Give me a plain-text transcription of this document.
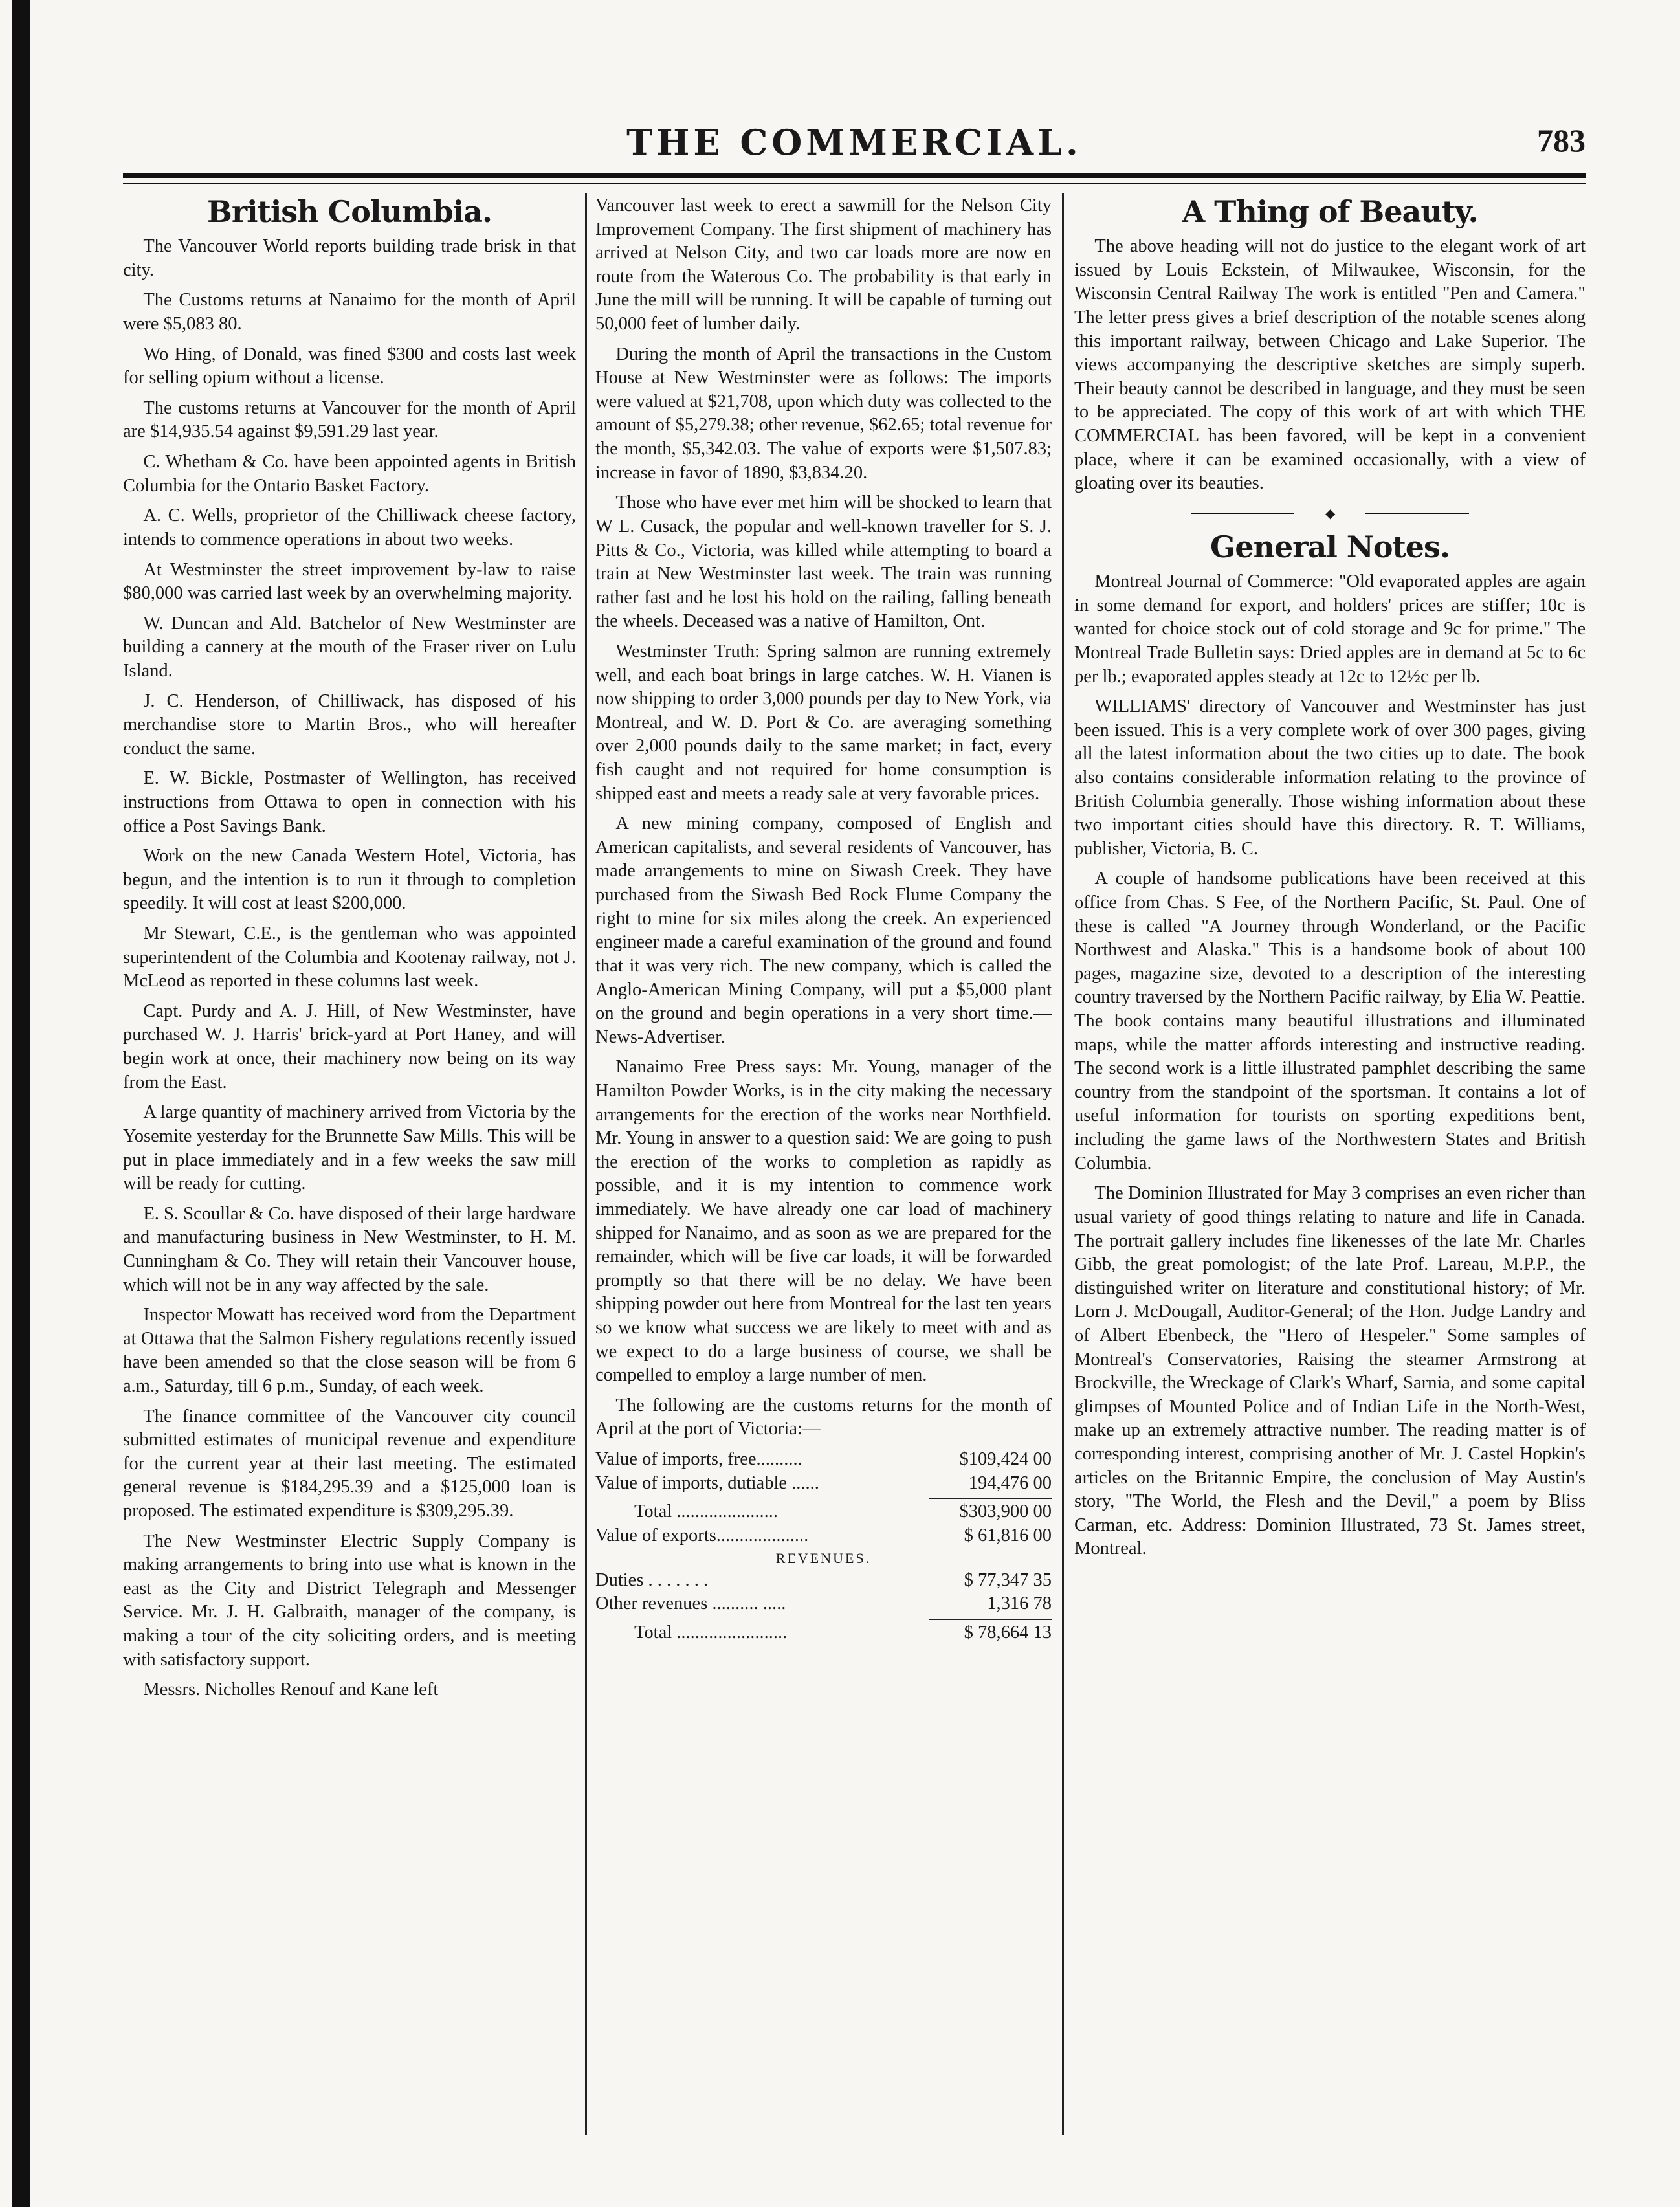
THE COMMERCIAL.	783
British Columbia.

The Vancouver World reports building trade brisk in that city.

The Customs returns at Nanaimo for the month of April were $5,083 80.

Wo Hing, of Donald, was fined $300 and costs last week for selling opium without a license.

The customs returns at Vancouver for the month of April are $14,935.54 against $9,591.29 last year.

C. Whetham & Co. have been appointed agents in British Columbia for the Ontario Basket Factory.

A. C. Wells, proprietor of the Chilliwack cheese factory, intends to commence operations in about two weeks.

At Westminster the street improvement by-law to raise $80,000 was carried last week by an overwhelming majority.

W. Duncan and Ald. Batchelor of New Westminster are building a cannery at the mouth of the Fraser river on Lulu Island.

J. C. Henderson, of Chilliwack, has disposed of his merchandise store to Martin Bros., who will hereafter conduct the same.

E. W. Bickle, Postmaster of Wellington, has received instructions from Ottawa to open in connection with his office a Post Savings Bank.

Work on the new Canada Western Hotel, Victoria, has begun, and the intention is to run it through to completion speedily. It will cost at least $200,000.

Mr Stewart, C.E., is the gentleman who was appointed superintendent of the Columbia and Kootenay railway, not J. McLeod as reported in these columns last week.

Capt. Purdy and A. J. Hill, of New Westminster, have purchased W. J. Harris' brick-yard at Port Haney, and will begin work at once, their machinery now being on its way from the East.

A large quantity of machinery arrived from Victoria by the Yosemite yesterday for the Brunnette Saw Mills. This will be put in place immediately and in a few weeks the saw mill will be ready for cutting.

E. S. Scoullar & Co. have disposed of their large hardware and manufacturing business in New Westminster, to H. M. Cunningham & Co. They will retain their Vancouver house, which will not be in any way affected by the sale.

Inspector Mowatt has received word from the Department at Ottawa that the Salmon Fishery regulations recently issued have been amended so that the close season will be from 6 a.m., Saturday, till 6 p.m., Sunday, of each week.

The finance committee of the Vancouver city council submitted estimates of municipal revenue and expenditure for the current year at their last meeting. The estimated general revenue is $184,295.39 and a $125,000 loan is proposed. The estimated expenditure is $309,295.39.

The New Westminster Electric Supply Company is making arrangements to bring into use what is known in the east as the City and District Telegraph and Messenger Service. Mr. J. H. Galbraith, manager of the company, is making a tour of the city soliciting orders, and is meeting with satisfactory support.

Messrs. Nicholles Renouf and Kane left

Vancouver last week to erect a sawmill for the Nelson City Improvement Company. The first shipment of machinery has arrived at Nelson City, and two car loads more are now en route from the Waterous Co. The probability is that early in June the mill will be running. It will be capable of turning out 50,000 feet of lumber daily.

During the month of April the transactions in the Custom House at New Westminster were as follows: The imports were valued at $21,708, upon which duty was collected to the amount of $5,279.38; other revenue, $62.65; total revenue for the month, $5,342.03. The value of exports were $1,507.83; increase in favor of 1890, $3,834.20.

Those who have ever met him will be shocked to learn that W L. Cusack, the popular and well-known traveller for S. J. Pitts & Co., Victoria, was killed while attempting to board a train at New Westminster last week. The train was running rather fast and he lost his hold on the railing, falling beneath the wheels. Deceased was a native of Hamilton, Ont.

Westminster Truth: Spring salmon are running extremely well, and each boat brings in large catches. W. H. Vianen is now shipping to order 3,000 pounds per day to New York, via Montreal, and W. D. Port & Co. are averaging something over 2,000 pounds daily to the same market; in fact, every fish caught and not required for home consumption is shipped east and meets a ready sale at very favorable prices.

A new mining company, composed of English and American capitalists, and several residents of Vancouver, has made arrangements to mine on Siwash Creek. They have purchased from the Siwash Bed Rock Flume Company the right to mine for six miles along the creek. An experienced engineer made a careful examination of the ground and found that it was very rich. The new company, which is called the Anglo-American Mining Company, will put a $5,000 plant on the ground and begin operations in a very short time.—News-Advertiser.

Nanaimo Free Press says: Mr. Young, manager of the Hamilton Powder Works, is in the city making the necessary arrangements for the erection of the works near Northfield. Mr. Young in answer to a question said: We are going to push the erection of the works to completion as rapidly as possible, and it is my intention to commence work immediately. We have already one car load of machinery shipped for Nanaimo, and as soon as we are prepared for the remainder, which will be five car loads, it will be forwarded promptly so that there will be no delay. We have been shipping powder out here from Montreal for the last ten years so we know what success we are likely to meet with and as we expect to do a large business of course, we shall be compelled to employ a large number of men.

The following are the customs returns for the month of April at the port of Victoria:—

Value of imports, free..........	$109,424 00
Value of imports, dutiable ......	194,476 00
Total ......................	$303,900 00
Value of exports....................	$ 61,816 00
REVENUES.
Duties . . . . . . .	$ 77,347 35
Other revenues .......... .....	1,316 78
Total ........................	$ 78,664 13
A Thing of Beauty.

The above heading will not do justice to the elegant work of art issued by Louis Eckstein, of Milwaukee, Wisconsin, for the Wisconsin Central Railway The work is entitled "Pen and Camera." The letter press gives a brief description of the notable scenes along this important railway, between Chicago and Lake Superior. The views accompanying the descriptive sketches are simply superb. Their beauty cannot be described in language, and they must be seen to be appreciated. The copy of this work of art with which THE COMMERCIAL has been favored, will be kept in a convenient place, where it can be examined occasionally, with a view of gloating over its beauties.

◆
General Notes.

Montreal Journal of Commerce: "Old evaporated apples are again in some demand for export, and holders' prices are stiffer; 10c is wanted for choice stock out of cold storage and 9c for prime." The Montreal Trade Bulletin says: Dried apples are in demand at 5c to 6c per lb.; evaporated apples steady at 12c to 12½c per lb.

WILLIAMS' directory of Vancouver and Westminster has just been issued. This is a very complete work of over 300 pages, giving all the latest information about the two cities up to date. The book also contains considerable information relating to the province of British Columbia generally. Those wishing information about these two important cities should have this directory. R. T. Williams, publisher, Victoria, B. C.

A couple of handsome publications have been received at this office from Chas. S Fee, of the Northern Pacific, St. Paul. One of these is called "A Journey through Wonderland, or the Pacific Northwest and Alaska." This is a handsome book of about 100 pages, magazine size, devoted to a description of the interesting country traversed by the Northern Pacific railway, by Elia W. Peattie. The book contains many beautiful illustrations and illuminated maps, while the matter affords interesting and instructive reading. The second work is a little illustrated pamphlet describing the same country from the standpoint of the sportsman. It contains a lot of useful information for tourists on sporting expeditions bent, including the game laws of the Northwestern States and British Columbia.

The Dominion Illustrated for May 3 comprises an even richer than usual variety of good things relating to nature and life in Canada. The portrait gallery includes fine likenesses of the late Mr. Charles Gibb, the great pomologist; of the late Prof. Lareau, M.P.P., the distinguished writer on literature and constitutional history; of Mr. Lorn J. McDougall, Auditor-General; of the Hon. Judge Landry and of Albert Ebenbeck, the "Hero of Hespeler." Some samples of Montreal's Conservatories, Raising the steamer Armstrong at Brockville, the Wreckage of Clark's Wharf, Sarnia, and some capital glimpses of Mounted Police and of Indian Life in the North-West, make up an extremely attractive number. The reading matter is of corresponding interest, comprising another of Mr. J. Castel Hopkin's articles on the Britannic Empire, the conclusion of May Austin's story, "The World, the Flesh and the Devil," a poem by Bliss Carman, etc. Address: Dominion Illustrated, 73 St. James street, Montreal.
